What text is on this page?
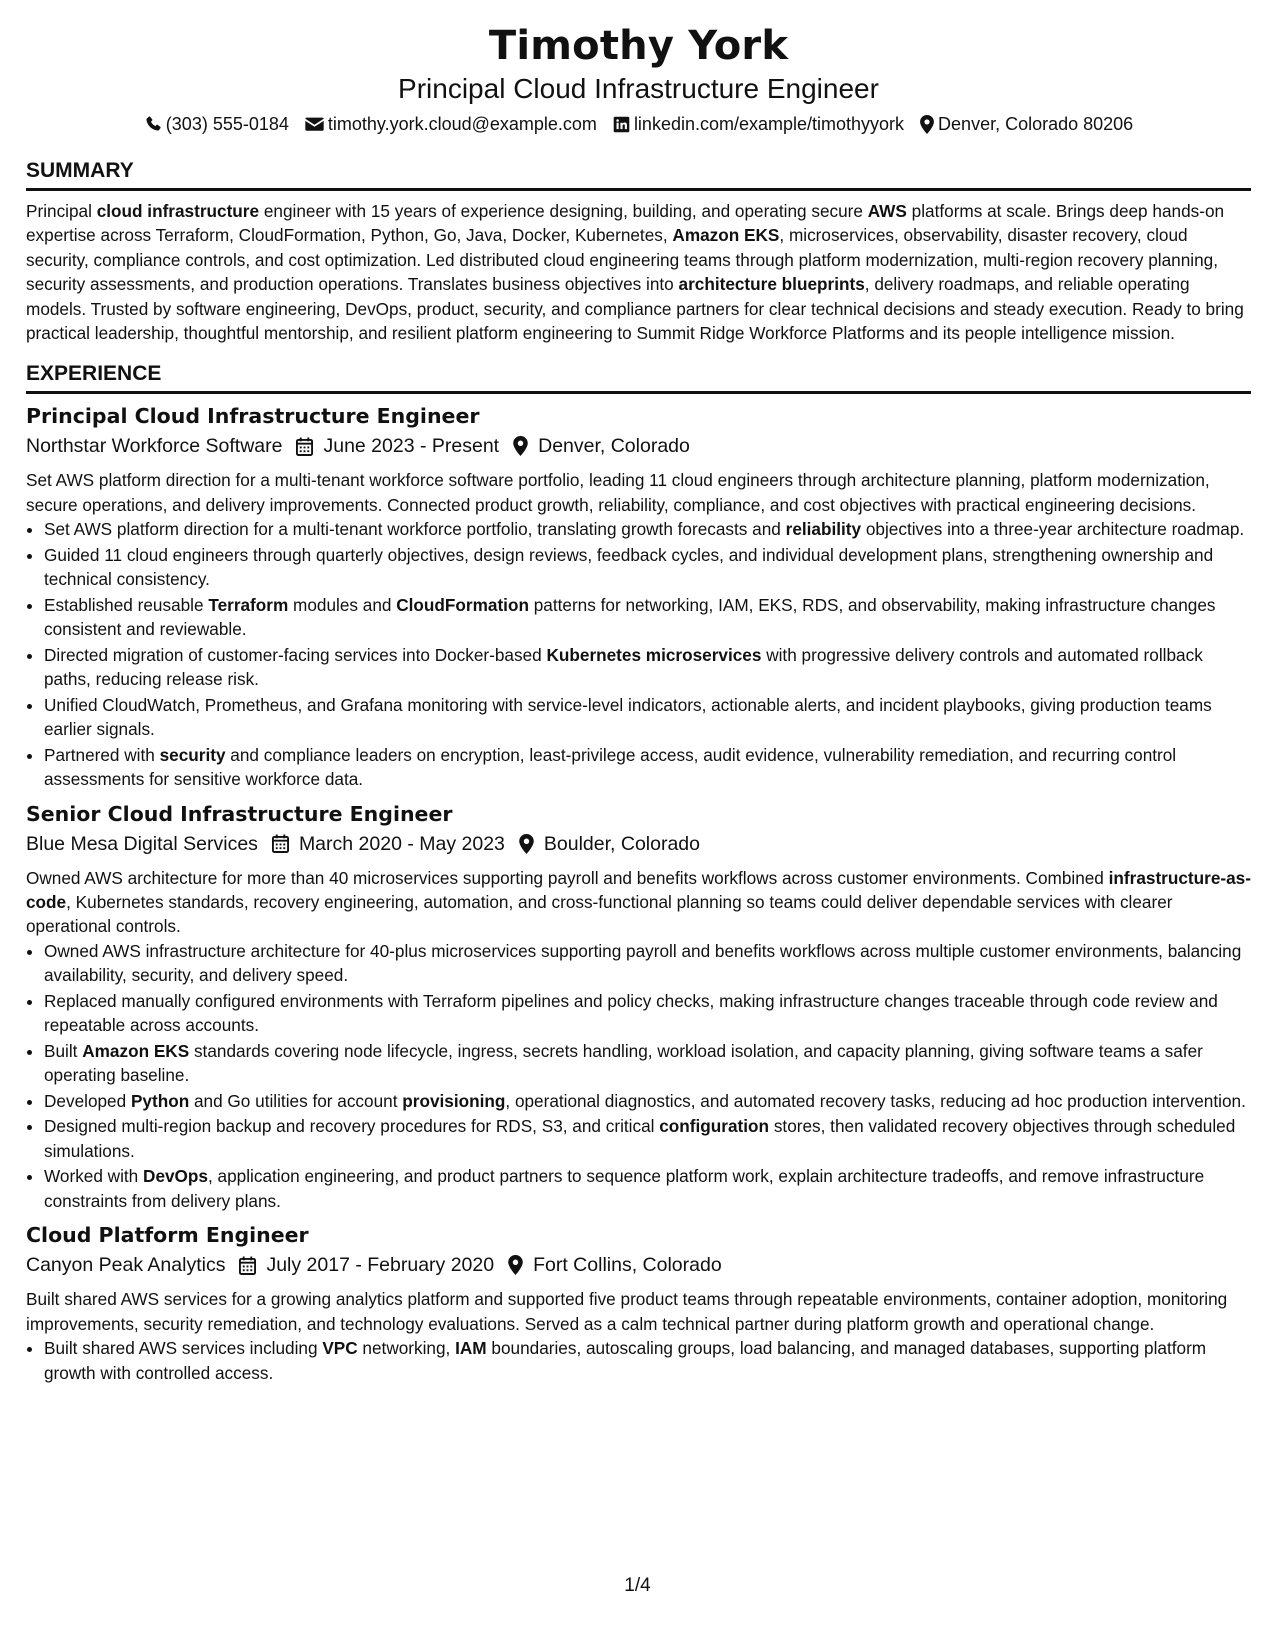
Timothy York
Principal Cloud Infrastructure Engineer
(303) 555-0184 timothy.york.cloud@example.com linkedin.com/example/timothyyork Denver, Colorado 80206
SUMMARY

Principal cloud infrastructure engineer with 15 years of experience designing, building, and operating secure AWS platforms at scale. Brings deep hands-on expertise across Terraform, CloudFormation, Python, Go, Java, Docker, Kubernetes, Amazon EKS, microservices, observability, disaster recovery, cloud security, compliance controls, and cost optimization. Led distributed cloud engineering teams through platform modernization, multi-region recovery planning, security assessments, and production operations. Translates business objectives into architecture blueprints, delivery roadmaps, and reliable operating models. Trusted by software engineering, DevOps, product, security, and compliance partners for clear technical decisions and steady execution. Ready to bring practical leadership, thoughtful mentorship, and resilient platform engineering to Summit Ridge Workforce Platforms and its people intelligence mission.

EXPERIENCE
Principal Cloud Infrastructure Engineer
Northstar Workforce Software June 2023 - Present Denver, Colorado

Set AWS platform direction for a multi-tenant workforce software portfolio, leading 11 cloud engineers through architecture planning, platform modernization, secure operations, and delivery improvements. Connected product growth, reliability, compliance, and cost objectives with practical engineering decisions.

• Set AWS platform direction for a multi-tenant workforce portfolio, translating growth forecasts and reliability objectives into a three-year architecture roadmap.
• Guided 11 cloud engineers through quarterly objectives, design reviews, feedback cycles, and individual development plans, strengthening ownership and technical consistency.
• Established reusable Terraform modules and CloudFormation patterns for networking, IAM, EKS, RDS, and observability, making infrastructure changes consistent and reviewable.
• Directed migration of customer-facing services into Docker-based Kubernetes microservices with progressive delivery controls and automated rollback paths, reducing release risk.
• Unified CloudWatch, Prometheus, and Grafana monitoring with service-level indicators, actionable alerts, and incident playbooks, giving production teams earlier signals.
• Partnered with security and compliance leaders on encryption, least-privilege access, audit evidence, vulnerability remediation, and recurring control assessments for sensitive workforce data.
Senior Cloud Infrastructure Engineer
Blue Mesa Digital Services March 2020 - May 2023 Boulder, Colorado

Owned AWS architecture for more than 40 microservices supporting payroll and benefits workflows across customer environments. Combined infrastructure-as-code, Kubernetes standards, recovery engineering, automation, and cross-functional planning so teams could deliver dependable services with clearer operational controls.

• Owned AWS infrastructure architecture for 40-plus microservices supporting payroll and benefits workflows across multiple customer environments, balancing availability, security, and delivery speed.
• Replaced manually configured environments with Terraform pipelines and policy checks, making infrastructure changes traceable through code review and repeatable across accounts.
• Built Amazon EKS standards covering node lifecycle, ingress, secrets handling, workload isolation, and capacity planning, giving software teams a safer operating baseline.
• Developed Python and Go utilities for account provisioning, operational diagnostics, and automated recovery tasks, reducing ad hoc production intervention.
• Designed multi-region backup and recovery procedures for RDS, S3, and critical configuration stores, then validated recovery objectives through scheduled simulations.
• Worked with DevOps, application engineering, and product partners to sequence platform work, explain architecture tradeoffs, and remove infrastructure constraints from delivery plans.
Cloud Platform Engineer
Canyon Peak Analytics July 2017 - February 2020 Fort Collins, Colorado

Built shared AWS services for a growing analytics platform and supported five product teams through repeatable environments, container adoption, monitoring improvements, security remediation, and technology evaluations. Served as a calm technical partner during platform growth and operational change.

• Built shared AWS services including VPC networking, IAM boundaries, autoscaling groups, load balancing, and managed databases, supporting platform growth with controlled access.
1/4
